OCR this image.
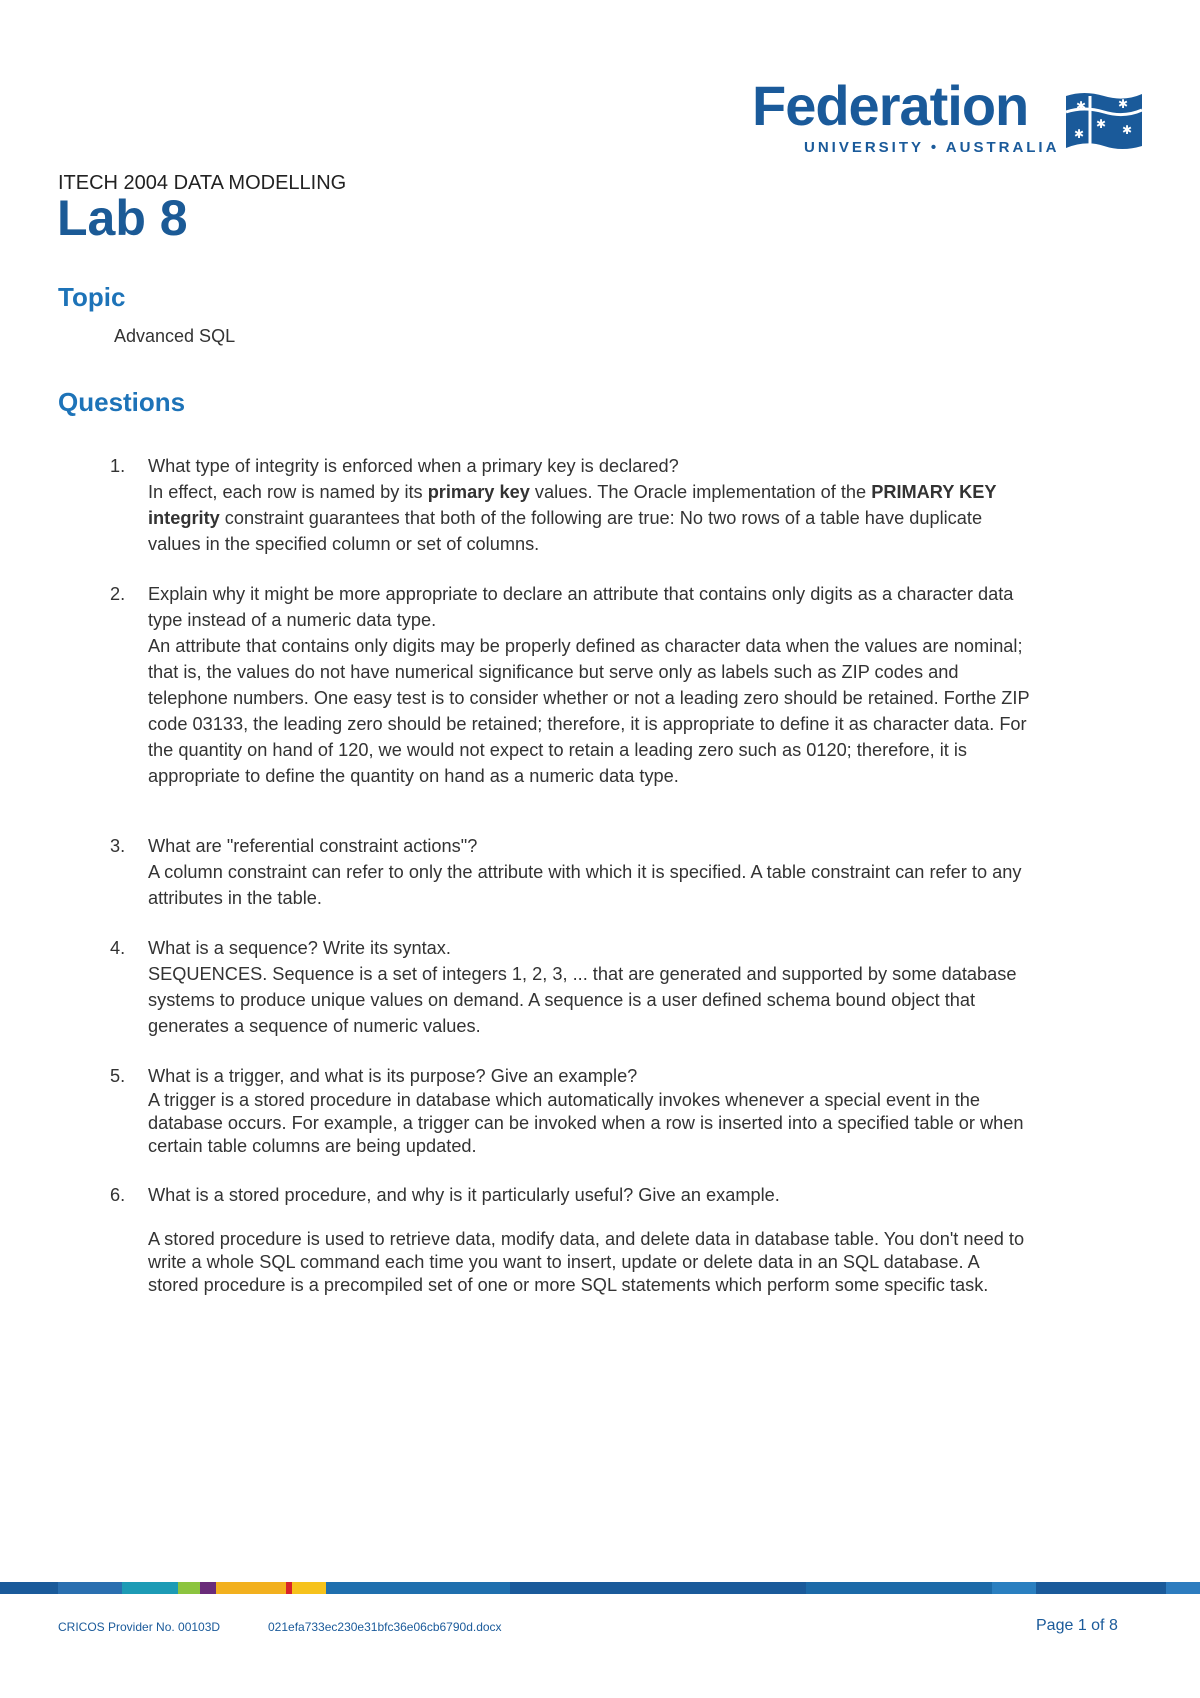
Federation
UNIVERSITY • AUSTRALIA
✱
✱
✱
✱
✱
ITECH 2004 DATA MODELLING
Lab 8
Topic
Advanced SQL
Questions
1. What type of integrity is enforced when a primary key is declared?

In effect, each row is named by its primary key values. The Oracle implementation of the PRIMARY KEY integrity constraint guarantees that both of the following are true: No two rows of a table have duplicate values in the specified column or set of columns.

2. Explain why it might be more appropriate to declare an attribute that contains only digits as a character data type instead of a numeric data type.

An attribute that contains only digits may be properly defined as character data when the values are nominal; that is, the values do not have numerical significance but serve only as labels such as ZIP codes and telephone numbers. One easy test is to consider whether or not a leading zero should be retained. Forthe ZIP code 03133, the leading zero should be retained; therefore, it is appropriate to define it as character data. For the quantity on hand of 120, we would not expect to retain a leading zero such as 0120; therefore, it is appropriate to define the quantity on hand as a numeric data type.

3. What are "referential constraint actions"?

A column constraint can refer to only the attribute with which it is specified. A table constraint can refer to any attributes in the table.

4. What is a sequence? Write its syntax.

SEQUENCES. Sequence is a set of integers 1, 2, 3, ... that are generated and supported by some database systems to produce unique values on demand. A sequence is a user defined schema bound object that generates a sequence of numeric values.

5. What is a trigger, and what is its purpose? Give an example?

A trigger is a stored procedure in database which automatically invokes whenever a special event in the database occurs. For example, a trigger can be invoked when a row is inserted into a specified table or when certain table columns are being updated.

6. What is a stored procedure, and why is it particularly useful? Give an example.

A stored procedure is used to retrieve data, modify data, and delete data in database table. You don't need to write a whole SQL command each time you want to insert, update or delete data in an SQL database. A stored procedure is a precompiled set of one or more SQL statements which perform some specific task.

CRICOS Provider No. 00103D	021efa733ec230e31bfc36e06cb6790d.docx	Page 1 of 8
